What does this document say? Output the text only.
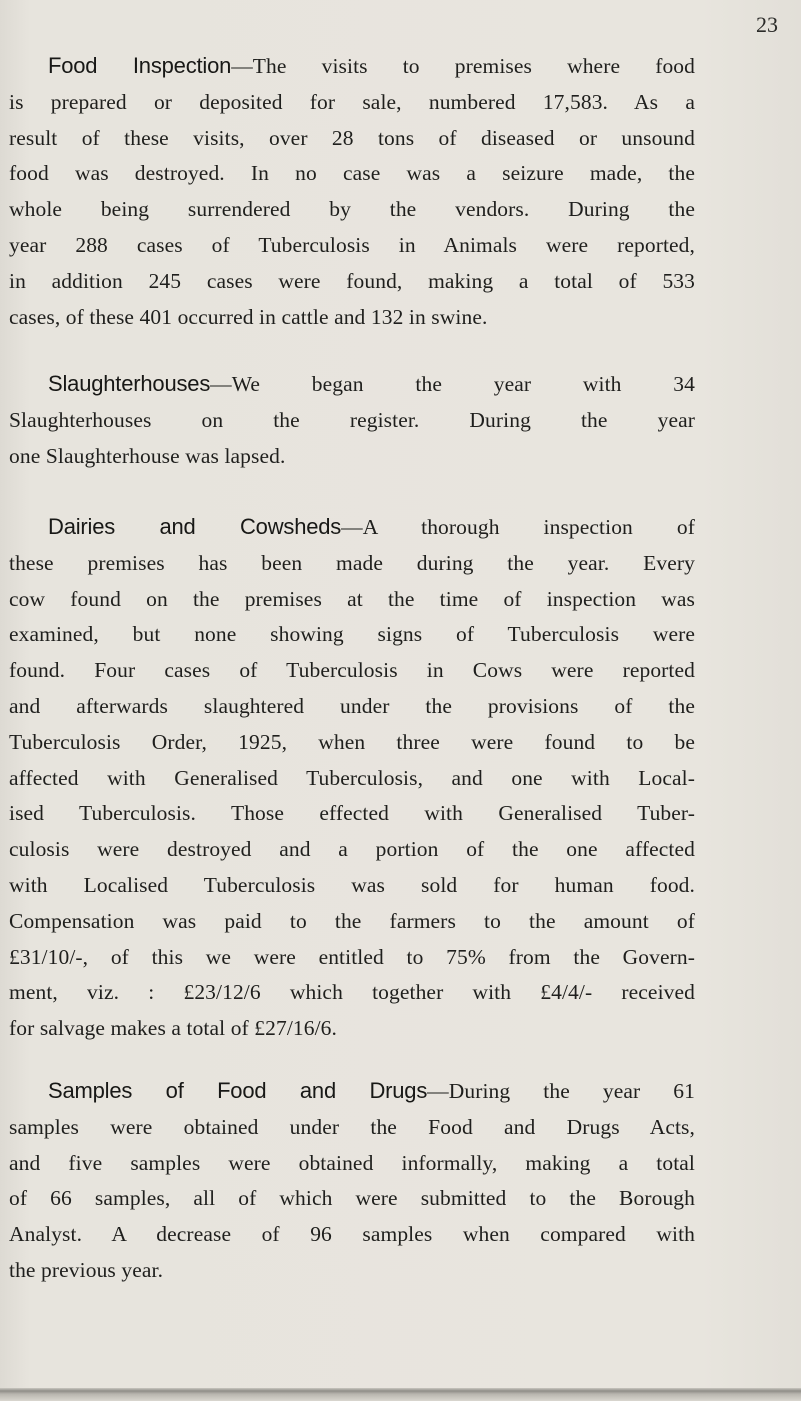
23
Food Inspection—The visits to premises where food
is prepared or deposited for sale, numbered 17,583. As a
result of these visits, over 28 tons of diseased or unsound
food was destroyed. In no case was a seizure made, the
whole being surrendered by the vendors. During the
year 288 cases of Tuberculosis in Animals were reported,
in addition 245 cases were found, making a total of 533
cases, of these 401 occurred in cattle and 132 in swine.
Slaughterhouses—We began the year with 34
Slaughterhouses on the register. During the year
one Slaughterhouse was lapsed.
Dairies and Cowsheds—A thorough inspection of
these premises has been made during the year. Every
cow found on the premises at the time of inspection was
examined, but none showing signs of Tuberculosis were
found. Four cases of Tuberculosis in Cows were reported
and afterwards slaughtered under the provisions of the
Tuberculosis Order, 1925, when three were found to be
affected with Generalised Tuberculosis, and one with Local-
ised Tuberculosis. Those effected with Generalised Tuber-
culosis were destroyed and a portion of the one affected
with Localised Tuberculosis was sold for human food.
Compensation was paid to the farmers to the amount of
£31/10/-, of this we were entitled to 75% from the Govern-
ment, viz. : £23/12/6 which together with £4/4/- received
for salvage makes a total of £27/16/6.
Samples of Food and Drugs—During the year 61
samples were obtained under the Food and Drugs Acts,
and five samples were obtained informally, making a total
of 66 samples, all of which were submitted to the Borough
Analyst. A decrease of 96 samples when compared with
the previous year.
